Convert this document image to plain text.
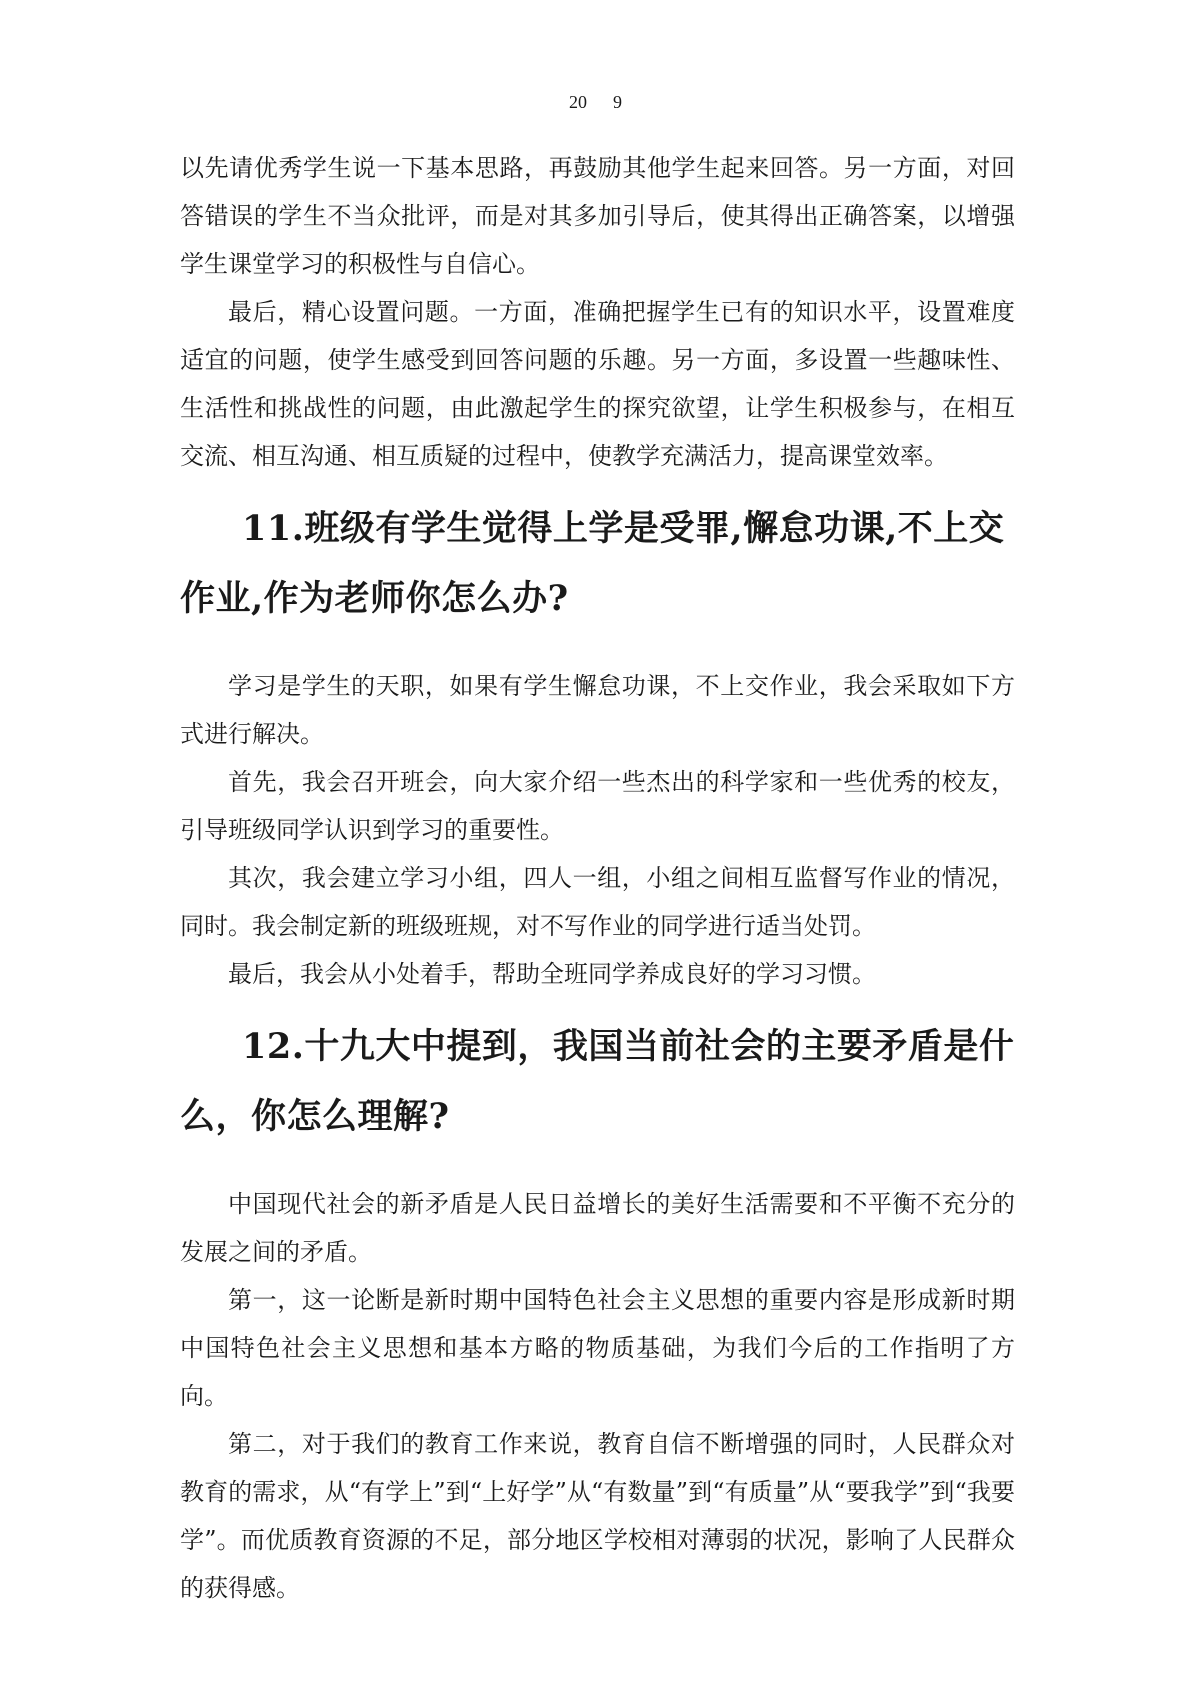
20 9

以先请优秀学生说一下基本思路，再鼓励其他学生起来回答。另一方面，对回答错误的学生不当众批评，而是对其多加引导后，使其得出正确答案，以增强学生课堂学习的积极性与自信心。

最后，精心设置问题。一方面，准确把握学生已有的知识水平，设置难度适宜的问题，使学生感受到回答问题的乐趣。另一方面，多设置一些趣味性、生活性和挑战性的问题，由此激起学生的探究欲望，让学生积极参与，在相互交流、相互沟通、相互质疑的过程中，使教学充满活力，提高课堂效率。

11.班级有学生觉得上学是受罪,懈怠功课,不上交作业,作为老师你怎么办?

学习是学生的天职，如果有学生懈怠功课，不上交作业，我会采取如下方式进行解决。

首先，我会召开班会，向大家介绍一些杰出的科学家和一些优秀的校友，引导班级同学认识到学习的重要性。

其次，我会建立学习小组，四人一组，小组之间相互监督写作业的情况，同时。我会制定新的班级班规，对不写作业的同学进行适当处罚。

最后，我会从小处着手，帮助全班同学养成良好的学习习惯。

12.十九大中提到，我国当前社会的主要矛盾是什么，你怎么理解?

中国现代社会的新矛盾是人民日益增长的美好生活需要和不平衡不充分的发展之间的矛盾。

第一，这一论断是新时期中国特色社会主义思想的重要内容是形成新时期中国特色社会主义思想和基本方略的物质基础，为我们今后的工作指明了方向。

第二，对于我们的教育工作来说，教育自信不断增强的同时，人民群众对教育的需求，从“有学上”到“上好学”从“有数量”到“有质量”从“要我学”到“我要学”。而优质教育资源的不足，部分地区学校相对薄弱的状况，影响了人民群众的获得感。
